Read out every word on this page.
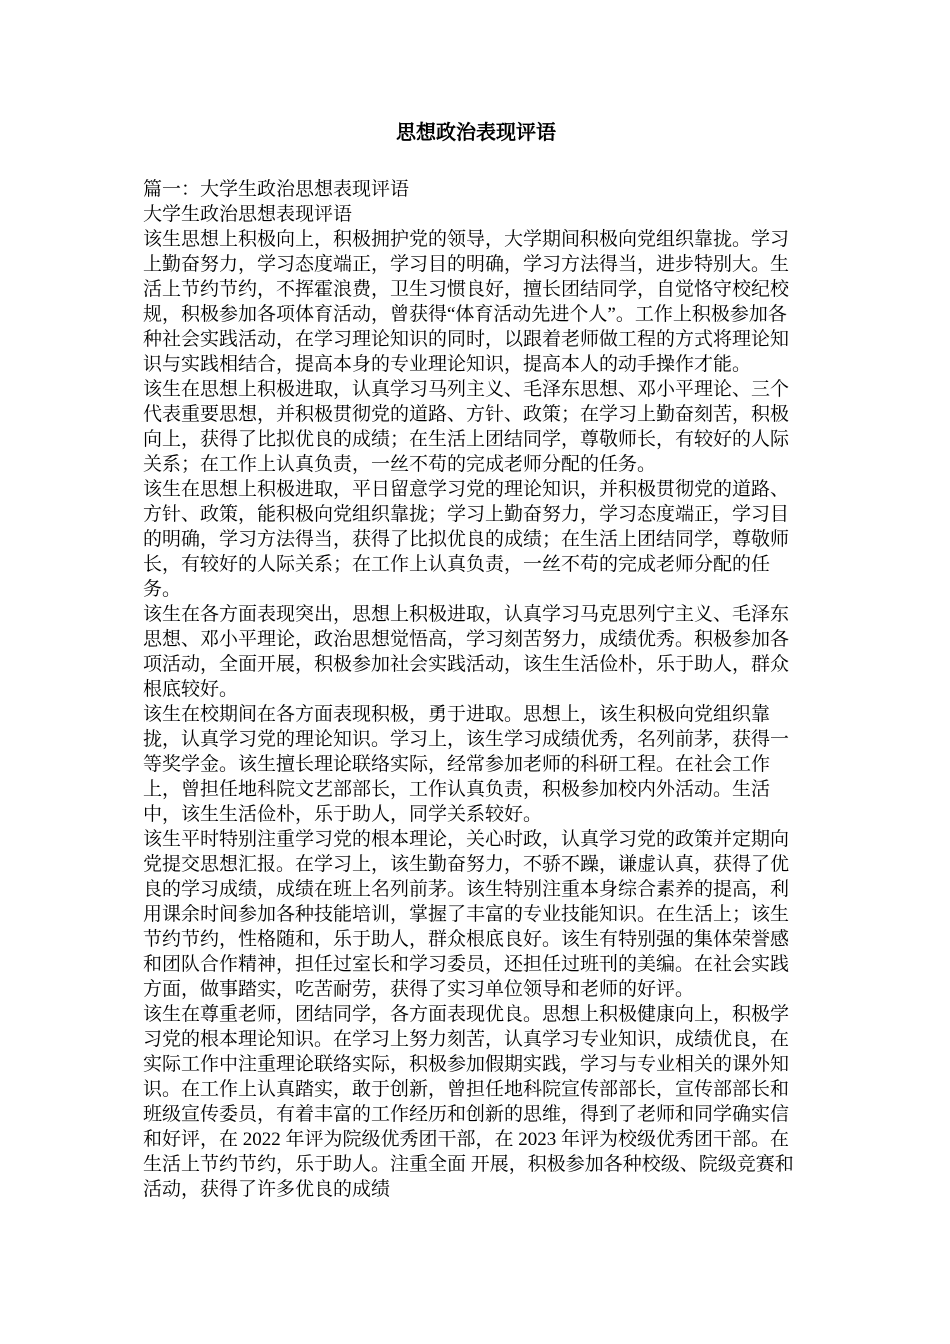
思想政治表现评语
篇一：大学生政治思想表现评语
大学生政治思想表现评语
该生思想上积极向上，积极拥护党的领导，大学期间积极向党组织靠拢。学习
上勤奋努力，学习态度端正，学习目的明确，学习方法得当，进步特别大。生
活上节约节约，不挥霍浪费，卫生习惯良好，擅长团结同学，自觉恪守校纪校
规，积极参加各项体育活动，曾获得“体育活动先进个人”。工作上积极参加各
种社会实践活动，在学习理论知识的同时，以跟着老师做工程的方式将理论知
识与实践相结合，提高本身的专业理论知识，提高本人的动手操作才能。
该生在思想上积极进取，认真学习马列主义、毛泽东思想、邓小平理论、三个
代表重要思想，并积极贯彻党的道路、方针、政策；在学习上勤奋刻苦，积极
向上，获得了比拟优良的成绩；在生活上团结同学，尊敬师长，有较好的人际
关系；在工作上认真负责，一丝不苟的完成老师分配的任务。
该生在思想上积极进取，平日留意学习党的理论知识，并积极贯彻党的道路、
方针、政策，能积极向党组织靠拢；学习上勤奋努力，学习态度端正，学习目
的明确，学习方法得当，获得了比拟优良的成绩；在生活上团结同学，尊敬师
长，有较好的人际关系；在工作上认真负责，一丝不苟的完成老师分配的任
务。
该生在各方面表现突出，思想上积极进取，认真学习马克思列宁主义、毛泽东
思想、邓小平理论，政治思想觉悟高，学习刻苦努力，成绩优秀。积极参加各
项活动，全面开展，积极参加社会实践活动，该生生活俭朴，乐于助人，群众
根底较好。
该生在校期间在各方面表现积极，勇于进取。思想上，该生积极向党组织靠
拢，认真学习党的理论知识。学习上，该生学习成绩优秀，名列前茅，获得一
等奖学金。该生擅长理论联络实际，经常参加老师的科研工程。在社会工作
上，曾担任地科院文艺部部长，工作认真负责，积极参加校内外活动。生活
中，该生生活俭朴，乐于助人，同学关系较好。
该生平时特别注重学习党的根本理论，关心时政，认真学习党的政策并定期向
党提交思想汇报。在学习上，该生勤奋努力，不骄不躁，谦虚认真，获得了优
良的学习成绩，成绩在班上名列前茅。该生特别注重本身综合素养的提高，利
用课余时间参加各种技能培训，掌握了丰富的专业技能知识。在生活上；该生
节约节约，性格随和，乐于助人，群众根底良好。该生有特别强的集体荣誉感
和团队合作精神，担任过室长和学习委员，还担任过班刊的美编。在社会实践
方面，做事踏实，吃苦耐劳，获得了实习单位领导和老师的好评。
该生在尊重老师，团结同学，各方面表现优良。思想上积极健康向上，积极学
习党的根本理论知识。在学习上努力刻苦，认真学习专业知识，成绩优良，在
实际工作中注重理论联络实际，积极参加假期实践，学习与专业相关的课外知
识。在工作上认真踏实，敢于创新，曾担任地科院宣传部部长，宣传部部长和
班级宣传委员，有着丰富的工作经历和创新的思维，得到了老师和同学确实信
和好评，在 2022 年评为院级优秀团干部，在 2023 年评为校级优秀团干部。在
生活上节约节约，乐于助人。注重全面 开展，积极参加各种校级、院级竞赛和
活动，获得了许多优良的成绩
